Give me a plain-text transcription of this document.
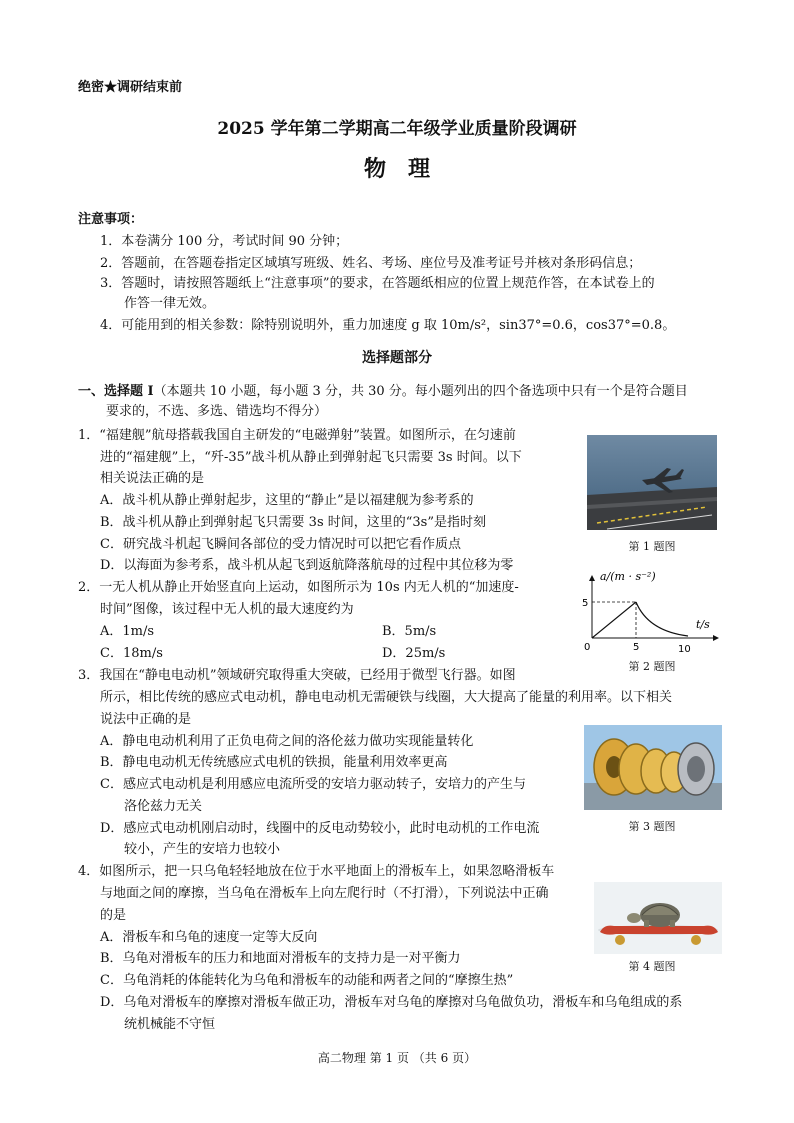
绝密★调研结束前
2025 学年第二学期高二年级学业质量阶段调研
物　理
注意事项：
1．本卷满分 100 分，考试时间 90 分钟；
2．答题前，在答题卷指定区域填写班级、姓名、考场、座位号及准考证号并核对条形码信息；
3．答题时，请按照答题纸上“注意事项”的要求，在答题纸相应的位置上规范作答，在本试卷上的
作答一律无效。
4．可能用到的相关参数：除特别说明外，重力加速度 g 取 10m/s²，sin37°=0.6，cos37°=0.8。
选择题部分
一、选择题 I（本题共 10 小题，每小题 3 分，共 30 分。每小题列出的四个备选项中只有一个是符合题目
要求的，不选、多选、错选均不得分）
1．“福建舰”航母搭载我国自主研发的“电磁弹射”装置。如图所示，在匀速前
进的“福建舰”上，“歼-35”战斗机从静止到弹射起飞只需要 3s 时间。以下
相关说法正确的是
A．战斗机从静止弹射起步，这里的“静止”是以福建舰为参考系的
B．战斗机从静止到弹射起飞只需要 3s 时间，这里的“3s”是指时刻
C．研究战斗机起飞瞬间各部位的受力情况时可以把它看作质点
D．以海面为参考系，战斗机从起飞到返航降落航母的过程中其位移为零
第 1 题图
2．一无人机从静止开始竖直向上运动，如图所示为 10s 内无人机的“加速度-
时间”图像，该过程中无人机的最大速度约为
A．1m/s	B．5m/s
C．18m/s	D．25m/s
a/(m · s⁻²)
t/s
5
0	5	10
第 2 题图
3．我国在“静电电动机”领域研究取得重大突破，已经用于微型飞行器。如图
所示，相比传统的感应式电动机，静电电动机无需硬铁与线圈，大大提高了能量的利用率。以下相关
说法中正确的是
A．静电电动机利用了正负电荷之间的洛伦兹力做功实现能量转化
B．静电电动机无传统感应式电机的铁损，能量利用效率更高
C．感应式电动机是利用感应电流所受的安培力驱动转子，安培力的产生与
洛伦兹力无关
D．感应式电动机刚启动时，线圈中的反电动势较小，此时电动机的工作电流
较小，产生的安培力也较小
第 3 题图
4．如图所示，把一只乌龟轻轻地放在位于水平地面上的滑板车上，如果忽略滑板车
与地面之间的摩擦，当乌龟在滑板车上向左爬行时（不打滑），下列说法中正确
的是
A．滑板车和乌龟的速度一定等大反向
B．乌龟对滑板车的压力和地面对滑板车的支持力是一对平衡力
C．乌龟消耗的体能转化为乌龟和滑板车的动能和两者之间的“摩擦生热”
D．乌龟对滑板车的摩擦对滑板车做正功，滑板车对乌龟的摩擦对乌龟做负功，滑板车和乌龟组成的系
统机械能不守恒
第 4 题图
高二物理 第 1 页 （共 6 页）
